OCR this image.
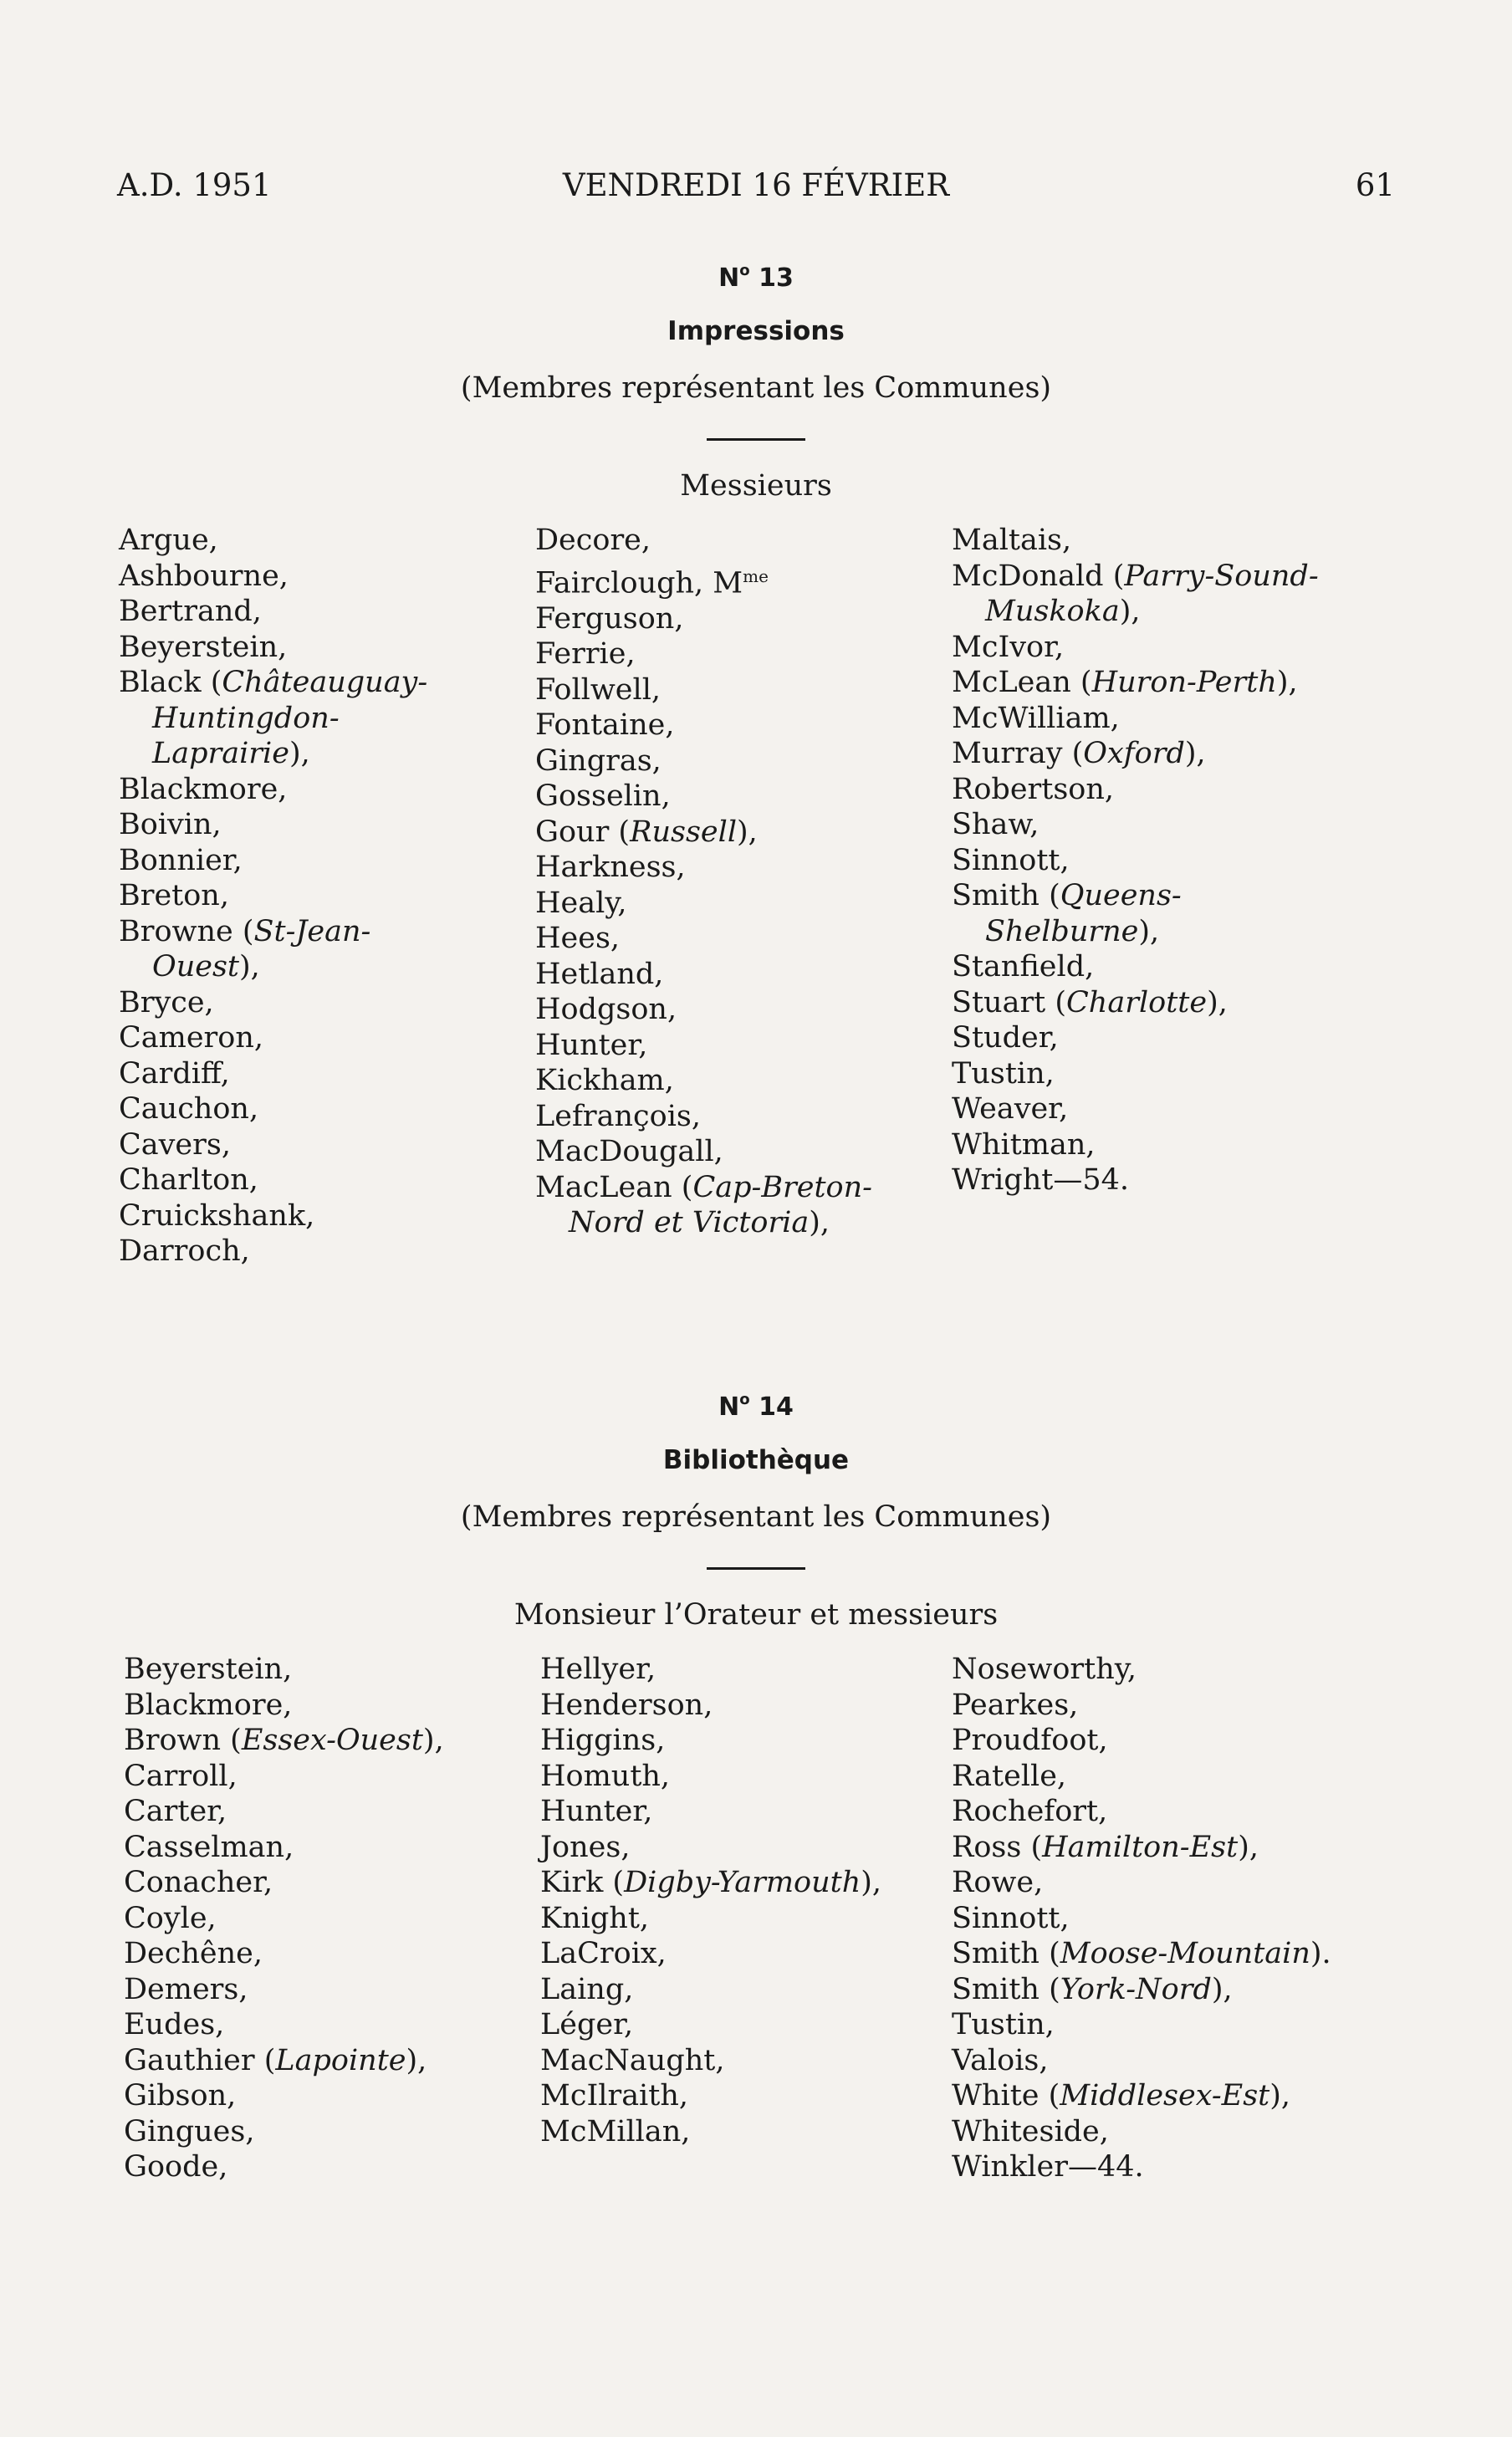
A.D. 1951	VENDREDI 16 FÉVRIER	61
$N^o$ 13
Impressions
(Membres représentant les Communes)
Messieurs
Argue,
Ashbourne,
Bertrand,
Beyerstein,
Black (Châteauguay-
Huntingdon-
Laprairie),
Blackmore,
Boivin,
Bonnier,
Breton,
Browne (St-Jean-
Ouest),
Bryce,
Cameron,
Cardiff,
Cauchon,
Cavers,
Charlton,
Cruickshank,
Darroch,
Decore,
Fairclough, $M^{me}$
Ferguson,
Ferrie,
Follwell,
Fontaine,
Gingras,
Gosselin,
Gour (Russell),
Harkness,
Healy,
Hees,
Hetland,
Hodgson,
Hunter,
Kickham,
Lefrançois,
MacDougall,
MacLean (Cap-Breton-
Nord et Victoria),
Maltais,
McDonald (Parry-Sound-
Muskoka),
McIvor,
McLean (Huron-Perth),
McWilliam,
Murray (Oxford),
Robertson,
Shaw,
Sinnott,
Smith (Queens-
Shelburne),
Stanfield,
Stuart (Charlotte),
Studer,
Tustin,
Weaver,
Whitman,
Wright—54.
$N^o$ 14
Bibliothèque
(Membres représentant les Communes)
Monsieur l’Orateur et messieurs
Beyerstein,
Blackmore,
Brown (Essex-Ouest),
Carroll,
Carter,
Casselman,
Conacher,
Coyle,
Dechêne,
Demers,
Eudes,
Gauthier (Lapointe),
Gibson,
Gingues,
Goode,
Hellyer,
Henderson,
Higgins,
Homuth,
Hunter,
Jones,
Kirk (Digby-Yarmouth),
Knight,
LaCroix,
Laing,
Léger,
MacNaught,
McIlraith,
McMillan,
Noseworthy,
Pearkes,
Proudfoot,
Ratelle,
Rochefort,
Ross (Hamilton-Est),
Rowe,
Sinnott,
Smith (Moose-Mountain).
Smith (York-Nord),
Tustin,
Valois,
White (Middlesex-Est),
Whiteside,
Winkler—44.
